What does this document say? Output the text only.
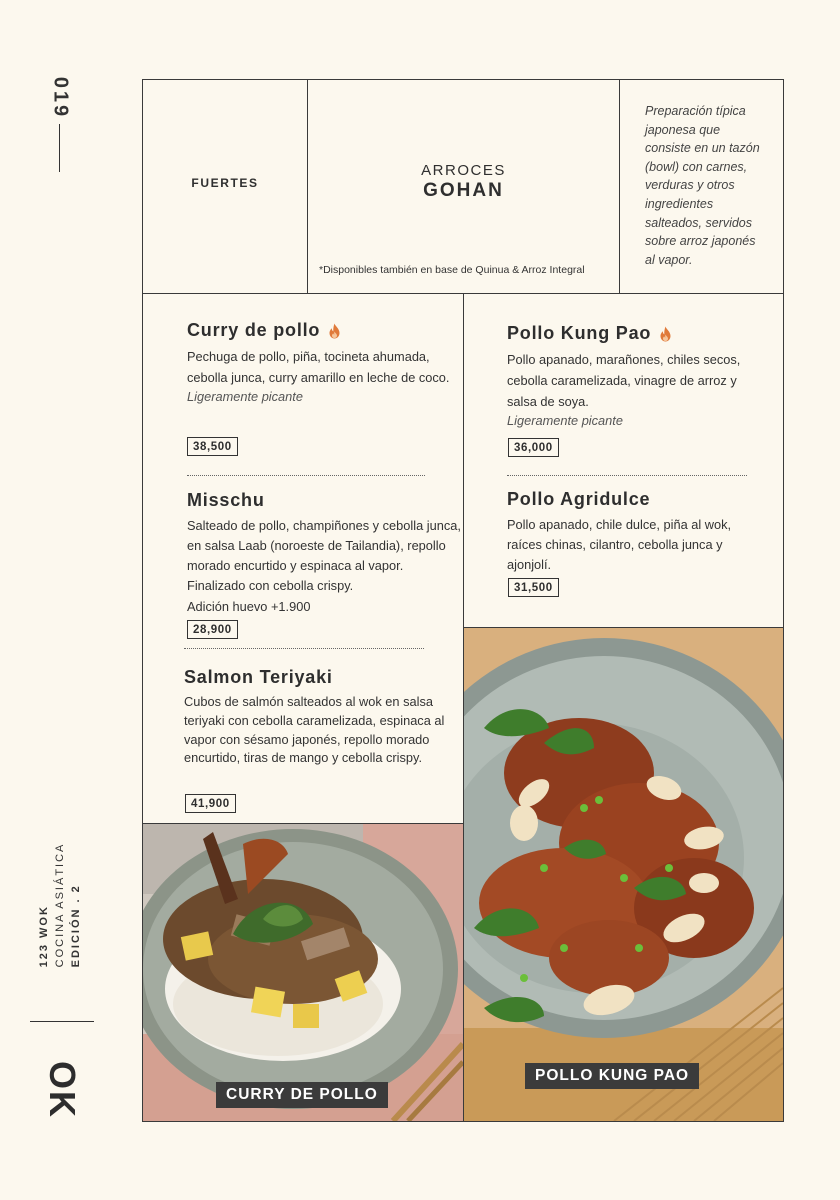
019
123 WOK COCINA ASIÁTICA EDICIÓN . 2
OK
FUERTES
ARROCES
GOHAN
*Disponibles también en base de Quinua & Arroz Integral
Preparación típica japonesa que consiste en un tazón (bowl) con carnes, verduras y otros ingredientes salteados, servidos sobre arroz japonés al vapor.
Curry de pollo
Pechuga de pollo, piña, tocineta ahumada, cebolla junca, curry amarillo en leche de coco.
Ligeramente picante
38,500
Misschu
Salteado de pollo, champiñones y cebolla junca, en salsa Laab (noroeste de Tailandia), repollo morado encurtido y espinaca al vapor. Finalizado con cebolla crispy.
Adición huevo +1.900
28,900
Salmon Teriyaki
Cubos de salmón salteados al wok en salsa teriyaki con cebolla caramelizada, espinaca al vapor con sésamo japonés, repollo morado encurtido, tiras de mango y cebolla crispy.
41,900
Pollo Kung Pao
Pollo apanado, marañones, chiles secos, cebolla caramelizada, vinagre de arroz y salsa de soya.
Ligeramente picante
36,000
Pollo Agridulce
Pollo apanado, chile dulce, piña al wok, raíces chinas, cilantro, cebolla junca y ajonjolí.
31,500
CURRY DE POLLO
POLLO KUNG PAO
